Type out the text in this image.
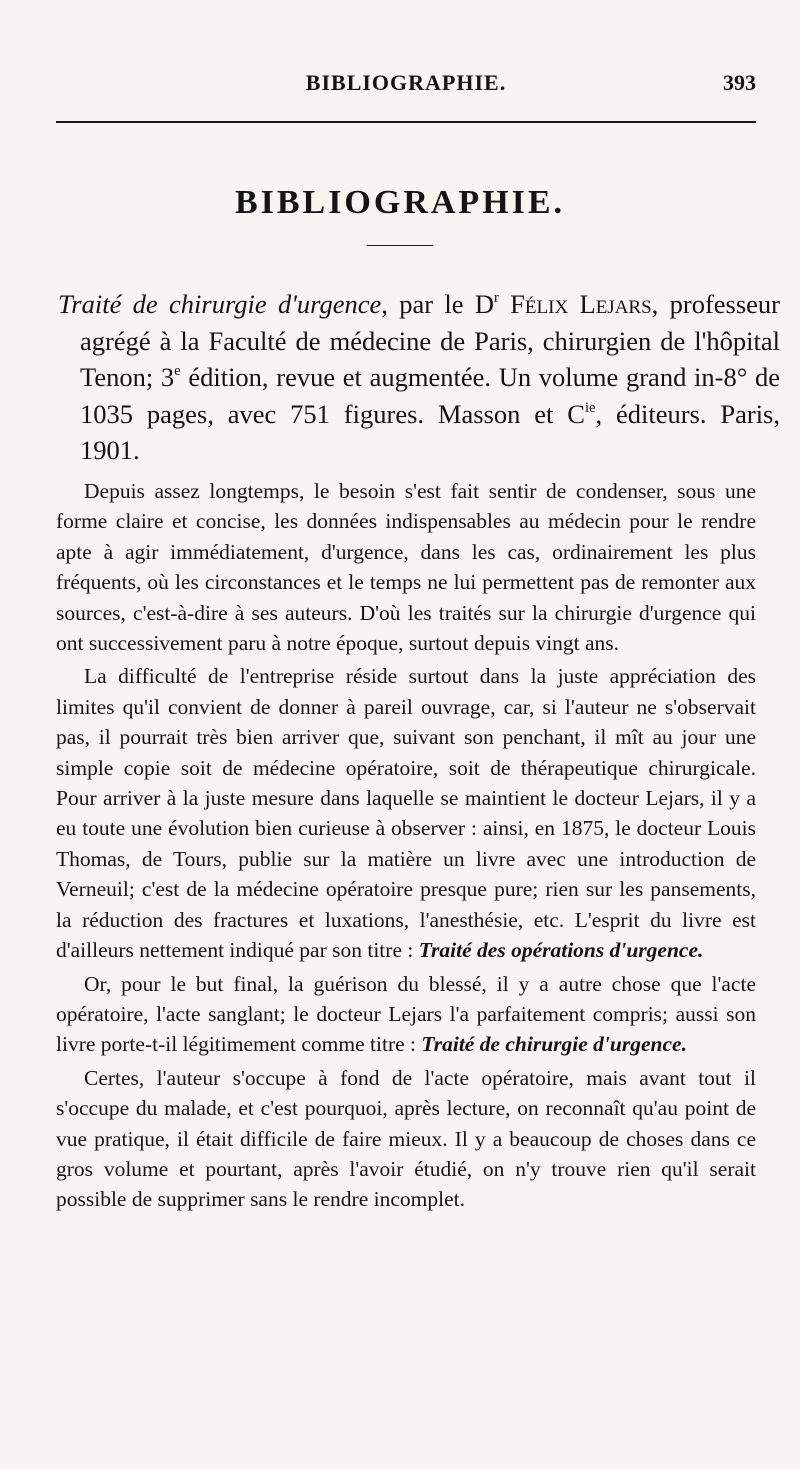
BIBLIOGRAPHIE.	393
BIBLIOGRAPHIE.
Traité de chirurgie d'urgence, par le $D^r$ Félix Lejars, professeur agrégé à la Faculté de médecine de Paris, chirurgien de l'hôpital Tenon; 3e édition, revue et augmentée. Un volume grand in-8° de 1035 pages, avec 751 figures. Masson et $C^{ie}$, éditeurs. Paris, 1901.

Depuis assez longtemps, le besoin s'est fait sentir de condenser, sous une forme claire et concise, les données indispensables au médecin pour le rendre apte à agir immédiatement, d'urgence, dans les cas, ordinairement les plus fréquents, où les circonstances et le temps ne lui permettent pas de remonter aux sources, c'est-à-dire à ses auteurs. D'où les traités sur la chirurgie d'urgence qui ont successivement paru à notre époque, surtout depuis vingt ans.

La difficulté de l'entreprise réside surtout dans la juste appréciation des limites qu'il convient de donner à pareil ouvrage, car, si l'auteur ne s'observait pas, il pourrait très bien arriver que, suivant son penchant, il mît au jour une simple copie soit de médecine opératoire, soit de thérapeutique chirurgicale. Pour arriver à la juste mesure dans laquelle se maintient le docteur Lejars, il y a eu toute une évolution bien curieuse à observer : ainsi, en 1875, le docteur Louis Thomas, de Tours, publie sur la matière un livre avec une introduction de Verneuil; c'est de la médecine opératoire presque pure; rien sur les pansements, la réduction des fractures et luxations, l'anesthésie, etc. L'esprit du livre est d'ailleurs nettement indiqué par son titre : Traité des opérations d'urgence.

Or, pour le but final, la guérison du blessé, il y a autre chose que l'acte opératoire, l'acte sanglant; le docteur Lejars l'a parfaitement compris; aussi son livre porte-t-il légitimement comme titre : Traité de chirurgie d'urgence.

Certes, l'auteur s'occupe à fond de l'acte opératoire, mais avant tout il s'occupe du malade, et c'est pourquoi, après lecture, on reconnaît qu'au point de vue pratique, il était difficile de faire mieux. Il y a beaucoup de choses dans ce gros volume et pourtant, après l'avoir étudié, on n'y trouve rien qu'il serait possible de supprimer sans le rendre incomplet.
